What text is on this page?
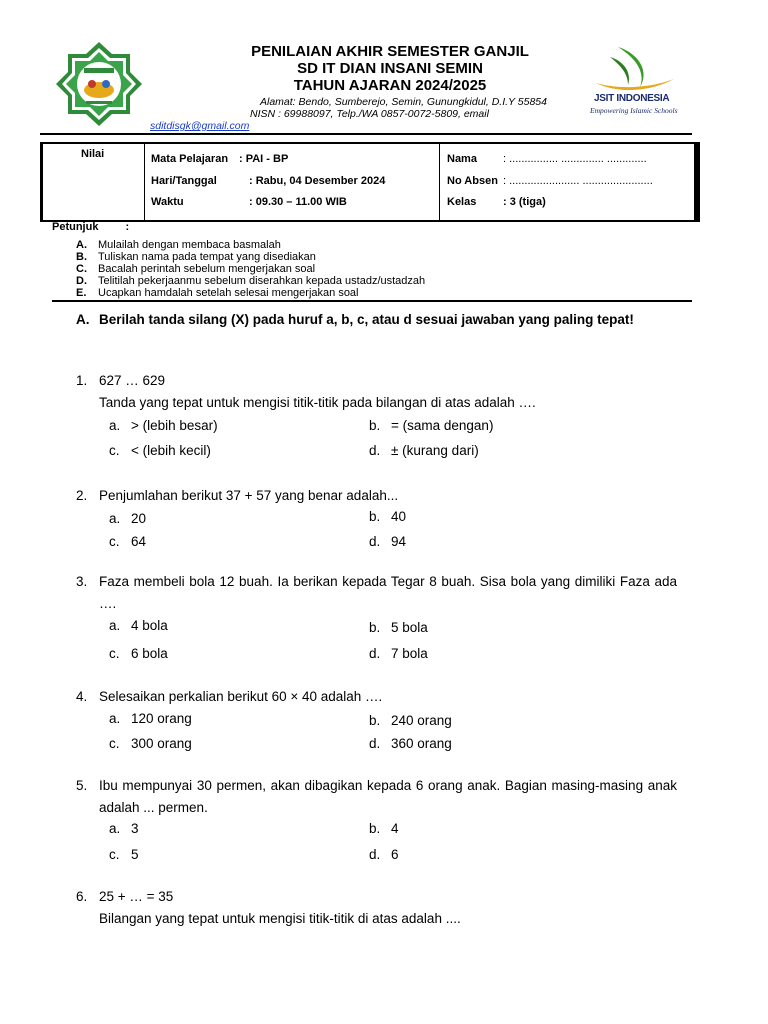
PENILAIAN AKHIR SEMESTER GANJIL
SD IT DIAN INSANI SEMIN
TAHUN AJARAN 2024/2025
Alamat: Bendo, Sumberejo, Semin, Gunungkidul, D.I.Y 55854
NISN : 69988097, Telp./WA 0857-0072-5809, email
sditdisgk@gmail.com
JSIT INDONESIA
Empowering Islamic Schools
Nilai	Mata Pelajaran : PAI - BP
Hari/Tanggal	: Rabu, 04 Desember 2024
Waktu	: 09.30 – 11.00 WIB
Nama : ................ .............. .............
No Absen : ....................... .......................
Kelas : 3 (tiga)
Petunjuk :
A. Mulailah dengan membaca basmalah
B. Tuliskan nama pada tempat yang disediakan
C. Bacalah perintah sebelum mengerjakan soal
D. Telitilah pekerjaanmu sebelum diserahkan kepada ustadz/ustadzah
E. Ucapkan hamdalah setelah selesai mengerjakan soal
A. Berilah tanda silang (X) pada huruf a, b, c, atau d sesuai jawaban yang paling tepat!
1. 627 … 629
Tanda yang tepat untuk mengisi titik-titik pada bilangan di atas adalah ….
a. > (lebih besar)	b. = (sama dengan)
c. < (lebih kecil)	d. ± (kurang dari)
2. Penjumlahan berikut 37 + 57 yang benar adalah...
a. 20	b. 40
c. 64	d. 94
3. Faza membeli bola 12 buah. Ia berikan kepada Tegar 8 buah. Sisa bola yang dimiliki Faza ada ….
a. 4 bola	b. 5 bola
c. 6 bola	d. 7 bola
4. Selesaikan perkalian berikut 60 × 40 adalah ….
a. 120 orang	b. 240 orang
c. 300 orang	d. 360 orang
5. Ibu mempunyai 30 permen, akan dibagikan kepada 6 orang anak. Bagian masing-masing anak adalah ... permen.
a. 3	b. 4
c. 5	d. 6
6. 25 + … = 35
Bilangan yang tepat untuk mengisi titik-titik di atas adalah ....
